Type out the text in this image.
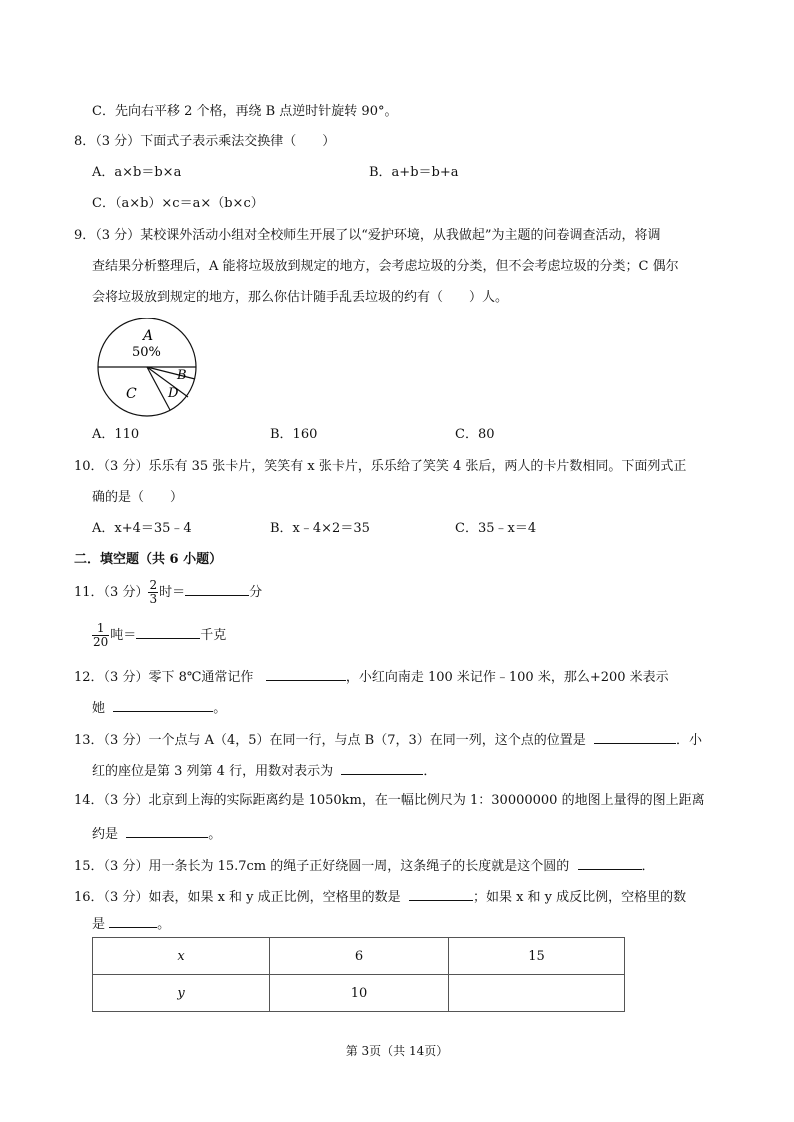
C．先向右平移 2 个格，再绕 B 点逆时针旋转 90°。
8．（3 分）下面式子表示乘法交换律（　　）
A．a×b＝b×a	B．a+b＝b+a
C．（a×b）×c＝a×（b×c）
9．（3 分）某校课外活动小组对全校师生开展了以“爱护环境，从我做起”为主题的问卷调查活动，将调
查结果分析整理后，A 能将垃圾放到规定的地方，会考虑垃圾的分类，但不会考虑垃圾的分类；C 偶尔
会将垃圾放到规定的地方，那么你估计随手乱丢垃圾的约有（　　）人。
A
50%
B
D
C
A．110	B．160	C．80
10．（3 分）乐乐有 35 张卡片，笑笑有 x 张卡片，乐乐给了笑笑 4 张后，两人的卡片数相同。下面列式正
确的是（　　）
A．x+4＝35﹣4	B．x﹣4×2＝35	C．35﹣x＝4
二．填空题（共 6 小题）
11．（3 分） $\frac{2}{3}$ 时＝	分
$\frac{1}{20}$ 吨＝	千克
12．（3 分）零下 8℃通常记作	，小红向南走 100 米记作﹣100 米，那么+200 米表示
她	。
13．（3 分）一个点与 A（4，5）在同一行，与点 B（7，3）在同一列，这个点的位置是	．小
红的座位是第 3 列第 4 行，用数对表示为	．
14．（3 分）北京到上海的实际距离约是 1050km，在一幅比例尺为 1：30000000 的地图上量得的图上距离
约是	。
15．（3 分）用一条长为 15.7cm 的绳子正好绕圆一周，这条绳子的长度就是这个圆的	．
16．（3 分）如表，如果 x 和 y 成正比例，空格里的数是	；如果 x 和 y 成反比例，空格里的数
是	。
x	6	15
y	10	
第 3页（共 14页）
